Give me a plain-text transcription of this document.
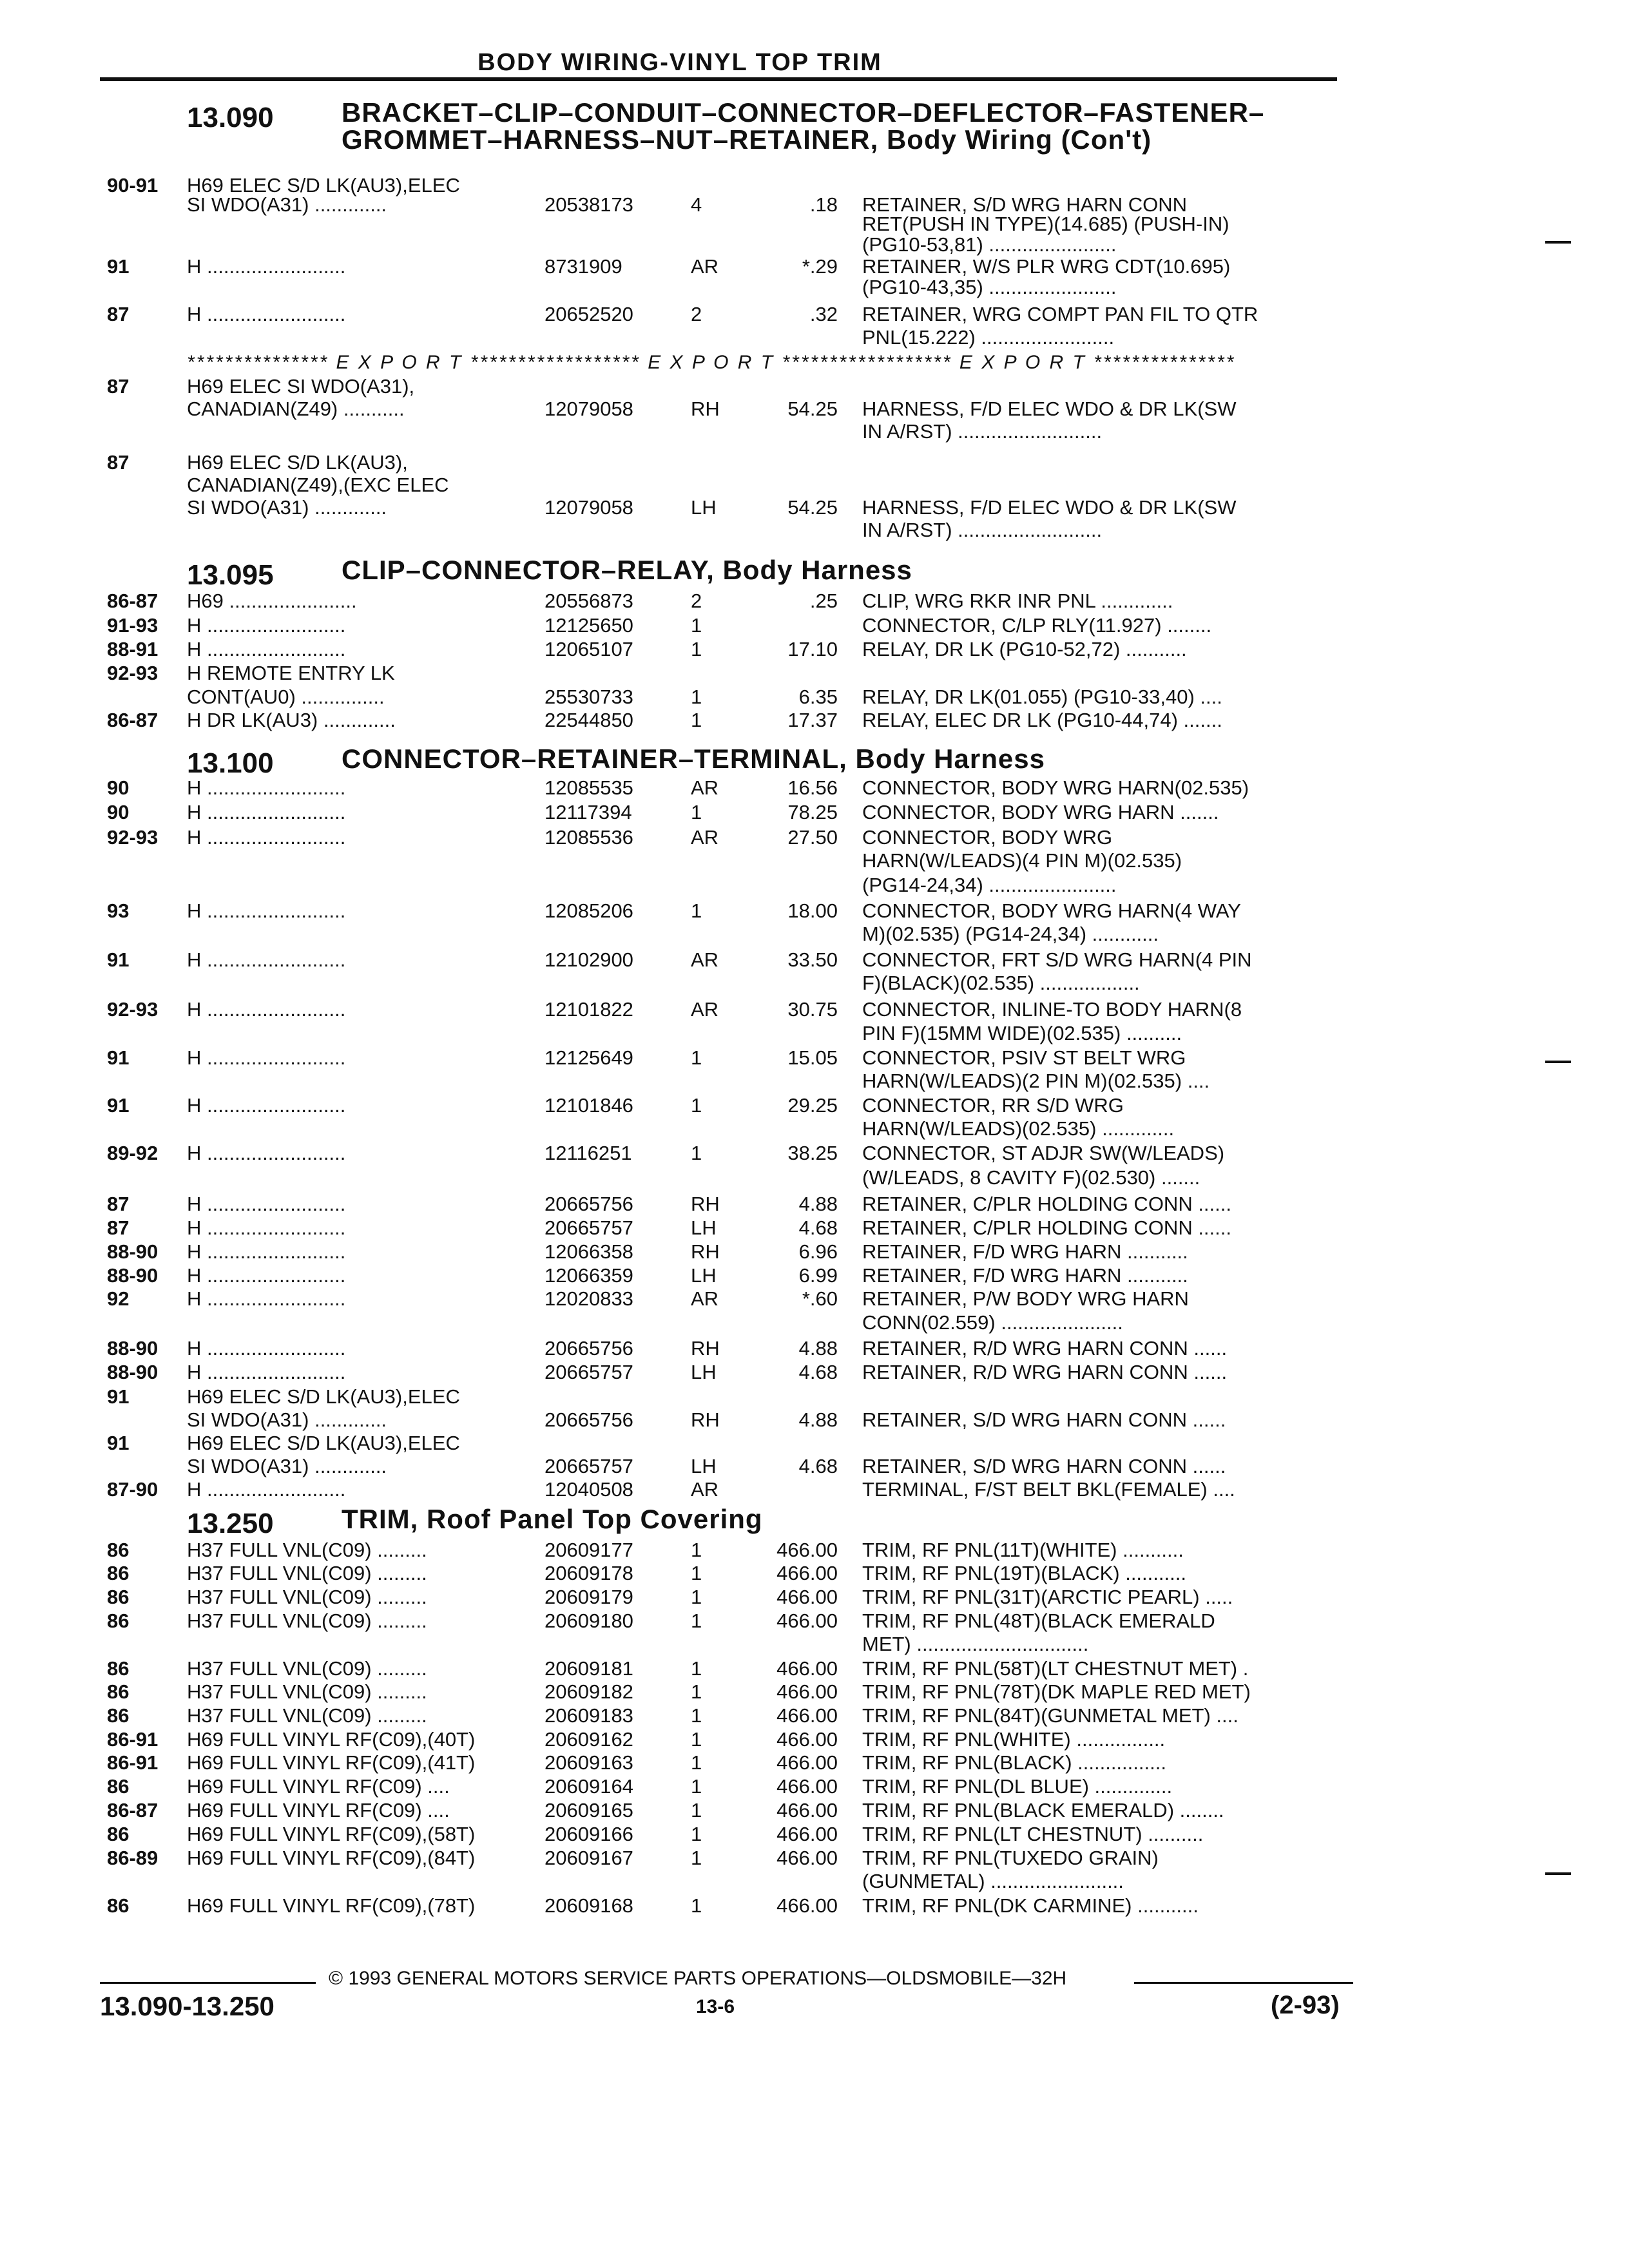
BODY WIRING-VINYL TOP TRIM
13.090	BRACKET–CLIP–CONDUIT–CONNECTOR–DEFLECTOR–FASTENER–
GROMMET–HARNESS–NUT–RETAINER, Body Wiring (Con't)
13.095	CLIP–CONNECTOR–RELAY, Body Harness
13.100	CONNECTOR–RETAINER–TERMINAL, Body Harness
13.250	TRIM, Roof Panel Top Covering
*************** E X P O R T ****************** E X P O R T ****************** E X P O R T ***************
90-91 H69 ELEC S/D LK(AU3),ELEC
SI WDO(A31) .............	20538173	4	.18 RETAINER, S/D WRG HARN CONN
RET(PUSH IN TYPE)(14.685) (PUSH-IN)
(PG10-53,81) .......................
91	H .........................	8731909	AR	*.29 RETAINER, W/S PLR WRG CDT(10.695)
(PG10-43,35) .......................
87	H .........................	20652520	2	.32 RETAINER, WRG COMPT PAN FIL TO QTR
PNL(15.222) ........................
87	H69 ELEC SI WDO(A31),
CANADIAN(Z49) ...........	12079058	RH	54.25 HARNESS, F/D ELEC WDO & DR LK(SW
IN A/RST) ..........................
87	H69 ELEC S/D LK(AU3),
CANADIAN(Z49),(EXC ELEC
SI WDO(A31) .............	12079058	LH	54.25 HARNESS, F/D ELEC WDO & DR LK(SW
IN A/RST) ..........................
86-87 H69 .......................	20556873	2	.25 CLIP, WRG RKR INR PNL .............
91-93 H .........................	12125650	1	CONNECTOR, C/LP RLY(11.927) ........
88-91 H .........................	12065107	1	17.10 RELAY, DR LK (PG10-52,72) ...........
92-93 H REMOTE ENTRY LK
CONT(AU0) ...............	25530733	1	6.35 RELAY, DR LK(01.055) (PG10-33,40) ....
86-87 H DR LK(AU3) .............	22544850	1	17.37 RELAY, ELEC DR LK (PG10-44,74) .......
90	H .........................	12085535	AR	16.56 CONNECTOR, BODY WRG HARN(02.535)
90	H .........................	12117394	1	78.25 CONNECTOR, BODY WRG HARN .......
92-93 H .........................	12085536	AR	27.50 CONNECTOR, BODY WRG
HARN(W/LEADS)(4 PIN M)(02.535)
(PG14-24,34) .......................
93	H .........................	12085206	1	18.00 CONNECTOR, BODY WRG HARN(4 WAY
M)(02.535) (PG14-24,34) ............
91	H .........................	12102900	AR	33.50 CONNECTOR, FRT S/D WRG HARN(4 PIN
F)(BLACK)(02.535) ..................
92-93 H .........................	12101822	AR	30.75 CONNECTOR, INLINE-TO BODY HARN(8
PIN F)(15MM WIDE)(02.535) ..........
91	H .........................	12125649	1	15.05 CONNECTOR, PSIV ST BELT WRG
HARN(W/LEADS)(2 PIN M)(02.535) ....
91	H .........................	12101846	1	29.25 CONNECTOR, RR S/D WRG
HARN(W/LEADS)(02.535) .............
89-92 H .........................	12116251	1	38.25 CONNECTOR, ST ADJR SW(W/LEADS)
(W/LEADS, 8 CAVITY F)(02.530) .......
87	H .........................	20665756	RH	4.88 RETAINER, C/PLR HOLDING CONN ......
87	H .........................	20665757	LH	4.68 RETAINER, C/PLR HOLDING CONN ......
88-90 H .........................	12066358	RH	6.96 RETAINER, F/D WRG HARN ...........
88-90 H .........................	12066359	LH	6.99 RETAINER, F/D WRG HARN ...........
92	H .........................	12020833	AR	*.60 RETAINER, P/W BODY WRG HARN
CONN(02.559) ......................
88-90 H .........................	20665756	RH	4.88 RETAINER, R/D WRG HARN CONN ......
88-90 H .........................	20665757	LH	4.68 RETAINER, R/D WRG HARN CONN ......
91	H69 ELEC S/D LK(AU3),ELEC
SI WDO(A31) .............	20665756	RH	4.88 RETAINER, S/D WRG HARN CONN ......
91	H69 ELEC S/D LK(AU3),ELEC
SI WDO(A31) .............	20665757	LH	4.68 RETAINER, S/D WRG HARN CONN ......
87-90 H .........................	12040508	AR	TERMINAL, F/ST BELT BKL(FEMALE) ....
86	H37 FULL VNL(C09) .........	20609177	1	466.00 TRIM, RF PNL(11T)(WHITE) ...........
86	H37 FULL VNL(C09) .........	20609178	1	466.00 TRIM, RF PNL(19T)(BLACK) ...........
86	H37 FULL VNL(C09) .........	20609179	1	466.00 TRIM, RF PNL(31T)(ARCTIC PEARL) .....
86	H37 FULL VNL(C09) .........	20609180	1	466.00 TRIM, RF PNL(48T)(BLACK EMERALD
MET) ...............................
86	H37 FULL VNL(C09) .........	20609181	1	466.00 TRIM, RF PNL(58T)(LT CHESTNUT MET) .
86	H37 FULL VNL(C09) .........	20609182	1	466.00 TRIM, RF PNL(78T)(DK MAPLE RED MET)
86	H37 FULL VNL(C09) .........	20609183	1	466.00 TRIM, RF PNL(84T)(GUNMETAL MET) ....
86-91 H69 FULL VINYL RF(C09),(40T)	20609162	1	466.00 TRIM, RF PNL(WHITE) ................
86-91 H69 FULL VINYL RF(C09),(41T)	20609163	1	466.00 TRIM, RF PNL(BLACK) ................
86	H69 FULL VINYL RF(C09) ....	20609164	1	466.00 TRIM, RF PNL(DL BLUE) ..............
86-87 H69 FULL VINYL RF(C09) ....	20609165	1	466.00 TRIM, RF PNL(BLACK EMERALD) ........
86	H69 FULL VINYL RF(C09),(58T)	20609166	1	466.00 TRIM, RF PNL(LT CHESTNUT) ..........
86-89 H69 FULL VINYL RF(C09),(84T)	20609167	1	466.00 TRIM, RF PNL(TUXEDO GRAIN)
(GUNMETAL) ........................
86	H69 FULL VINYL RF(C09),(78T)	20609168	1	466.00 TRIM, RF PNL(DK CARMINE) ...........
© 1993 GENERAL MOTORS SERVICE PARTS OPERATIONS—OLDSMOBILE—32H
13.090-13.250	13-6	(2-93)
